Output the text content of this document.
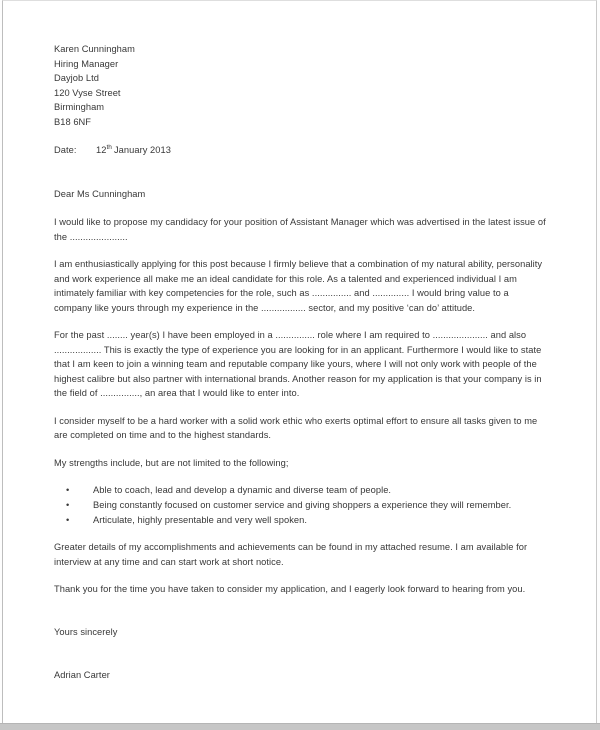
Karen Cunningham
Hiring Manager
Dayjob Ltd
120 Vyse Street
Birmingham
B18 6NF
Date: 12th January 2013

Dear Ms Cunningham

I would like to propose my candidacy for your position of Assistant Manager which was advertised in the latest issue of the ......................

I am enthusiastically applying for this post because I firmly believe that a combination of my natural ability, personality and work experience all make me an ideal candidate for this role. As a talented and experienced individual I am intimately familiar with key competencies for the role, such as ............... and .............. I would bring value to a company like yours through my experience in the ................. sector, and my positive ‘can do’ attitude.

For the past ........ year(s) I have been employed in a ............... role where I am required to ..................... and also .................. This is exactly the type of experience you are looking for in an applicant. Furthermore I would like to state that I am keen to join a winning team and reputable company like yours, where I will not only work with people of the highest calibre but also partner with international brands. Another reason for my application is that your company is in the field of ..............., an area that I would like to enter into.

I consider myself to be a hard worker with a solid work ethic who exerts optimal effort to ensure all tasks given to me are completed on time and to the highest standards.

My strengths include, but are not limited to the following;

• Able to coach, lead and develop a dynamic and diverse team of people.
• Being constantly focused on customer service and giving shoppers a experience they will remember.
• Articulate, highly presentable and very well spoken.

Greater details of my accomplishments and achievements can be found in my attached resume. I am available for interview at any time and can start work at short notice.

Thank you for the time you have taken to consider my application, and I eagerly look forward to hearing from you.

Yours sincerely

Adrian Carter
